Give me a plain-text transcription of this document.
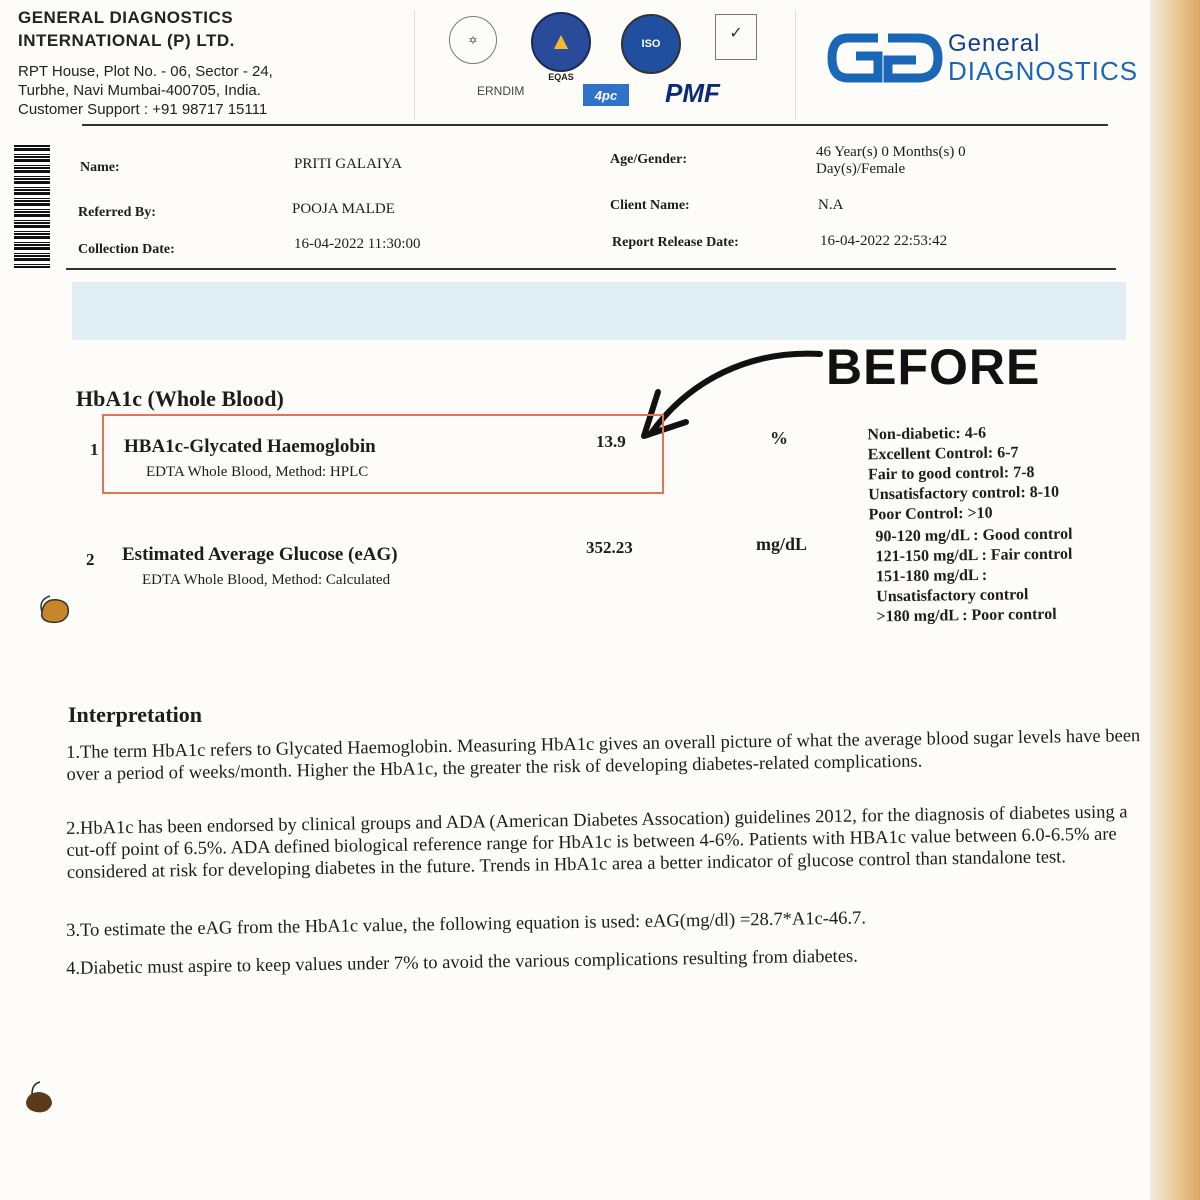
GENERAL DIAGNOSTICS
INTERNATIONAL (P) LTD.
RPT House, Plot No. - 06, Sector - 24,
Turbhe, Navi Mumbai-400705, India.
Customer Support : +91 98717 15111
✡	▲
EQAS
ISO
✓
ERNDIM	4pc	PMF
General
DIAGNOSTICS
Name:	PRITI GALAIYA	Age/Gender:	46 Year(s) 0 Months(s) 0
Day(s)/Female
Referred By:	POOJA MALDE	Client Name:	N.A
Collection Date:	16-04-2022 11:30:00	Report Release Date:	16-04-2022 22:53:42
BEFORE
HbA1c (Whole Blood)
1 HBA1c-Glycated Haemoglobin
EDTA Whole Blood, Method: HPLC
13.9	%	Non-diabetic: 4-6
Excellent Control: 6-7
Fair to good control: 7-8
Unsatisfactory control: 8-10
Poor Control: >10
2 Estimated Average Glucose (eAG)
EDTA Whole Blood, Method: Calculated
352.23	mg/dL	90-120 mg/dL : Good control
121-150 mg/dL : Fair control
151-180 mg/dL :
Unsatisfactory control
>180 mg/dL : Poor control
Interpretation
1.The term HbA1c refers to Glycated Haemoglobin. Measuring HbA1c gives an overall picture of what the average blood sugar levels have been over a period of weeks/month. Higher the HbA1c, the greater the risk of developing diabetes-related complications.
2.HbA1c has been endorsed by clinical groups and ADA (American Diabetes Assocation) guidelines 2012, for the diagnosis of diabetes using a cut-off point of 6.5%. ADA defined biological reference range for HbA1c is between 4-6%. Patients with HBA1c value between 6.0-6.5% are considered at risk for developing diabetes in the future. Trends in HbA1c area a better indicator of glucose control than standalone test.
3.To estimate the eAG from the HbA1c value, the following equation is used: eAG(mg/dl) =28.7*A1c-46.7.
4.Diabetic must aspire to keep values under 7% to avoid the various complications resulting from diabetes.
